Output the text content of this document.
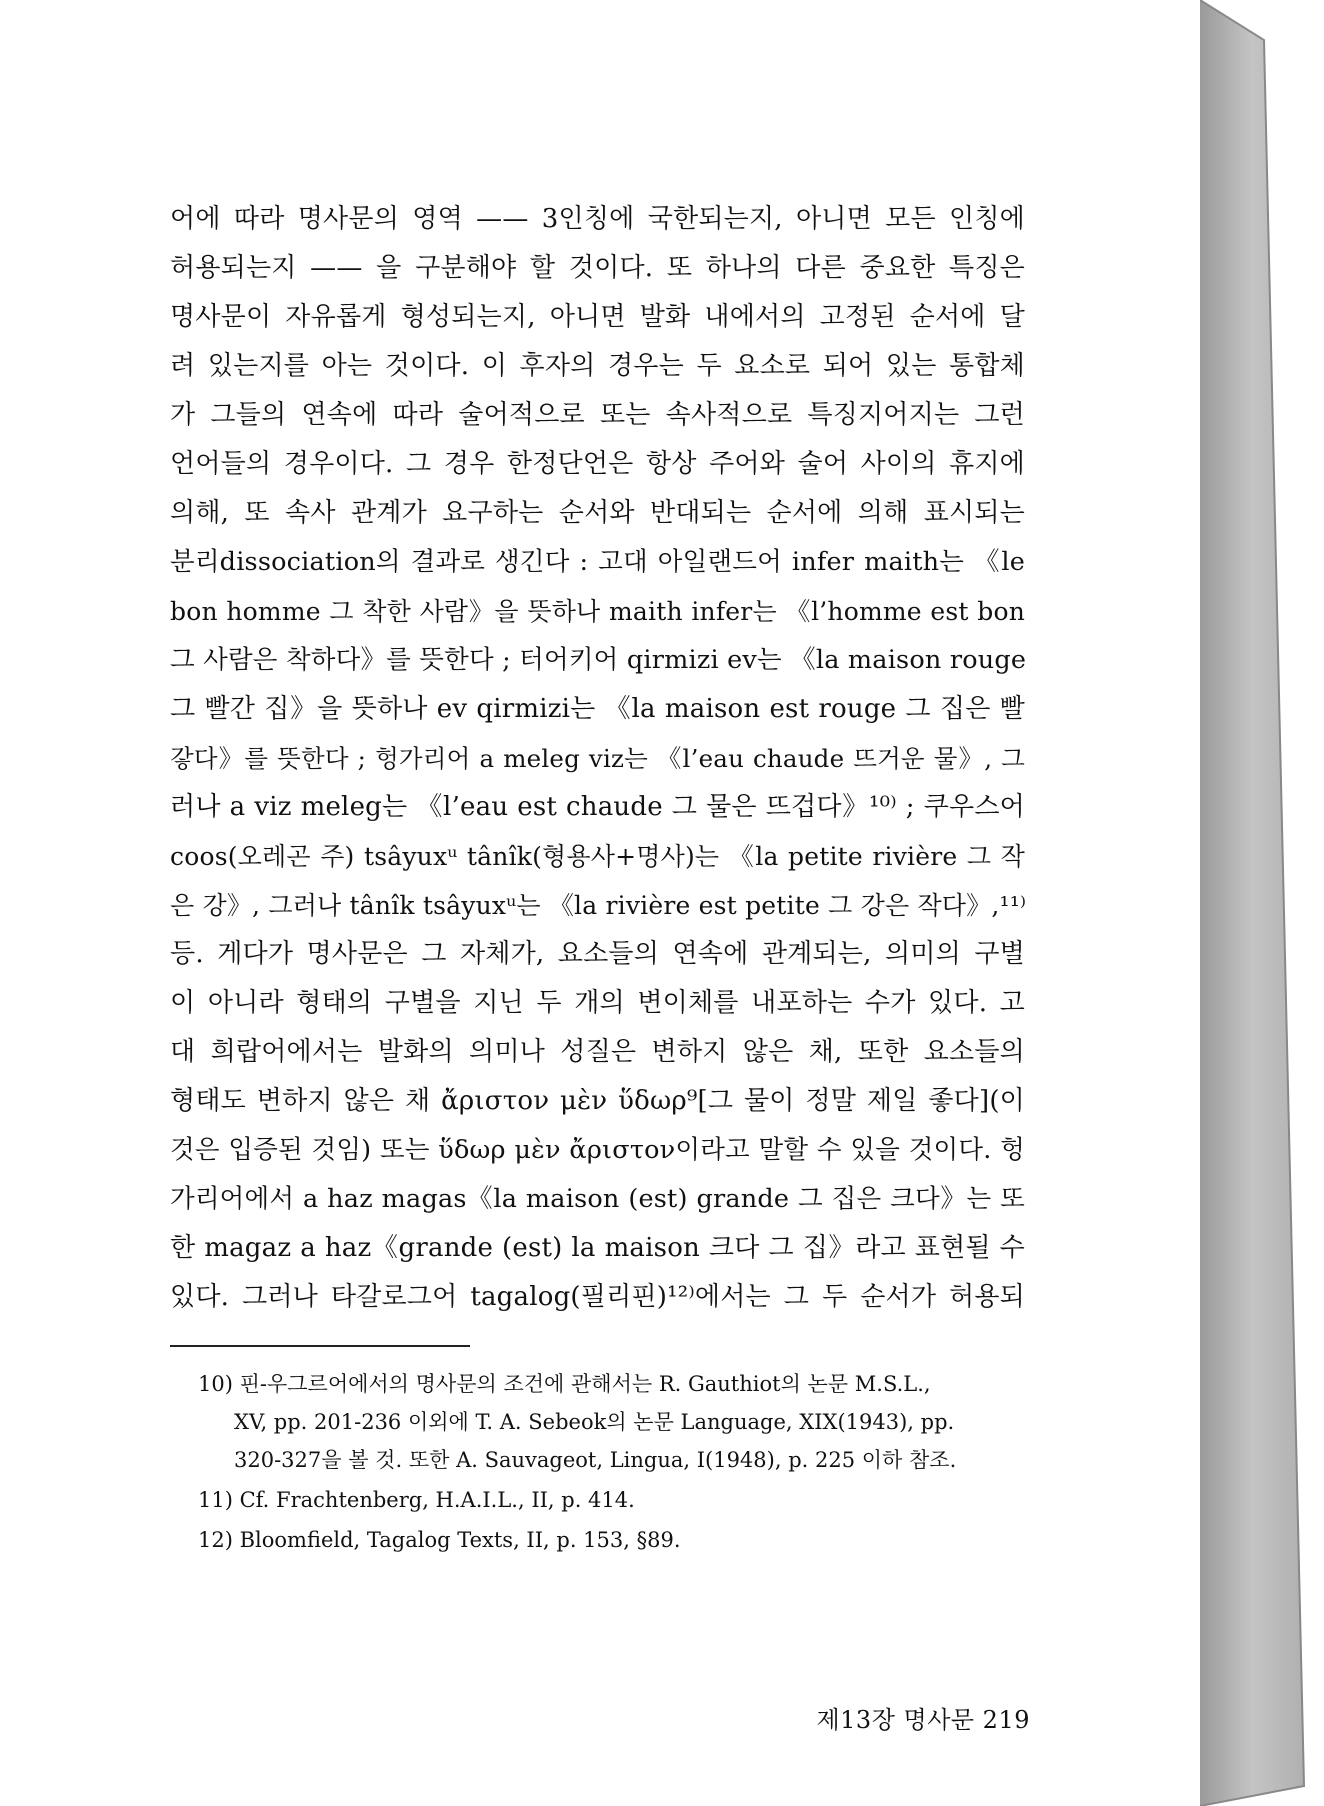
어에 따라 명사문의 영역 —— 3인칭에 국한되는지, 아니면 모든 인칭에
허용되는지 —— 을 구분해야 할 것이다. 또 하나의 다른 중요한 특징은
명사문이 자유롭게 형성되는지, 아니면 발화 내에서의 고정된 순서에 달
려 있는지를 아는 것이다. 이 후자의 경우는 두 요소로 되어 있는 통합체
가 그들의 연속에 따라 술어적으로 또는 속사적으로 특징지어지는 그런
언어들의 경우이다. 그 경우 한정단언은 항상 주어와 술어 사이의 휴지에
의해, 또 속사 관계가 요구하는 순서와 반대되는 순서에 의해 표시되는
분리dissociation의 결과로 생긴다 : 고대 아일랜드어 infer maith는 《le
bon homme 그 착한 사람》을 뜻하나 maith infer는 《l’homme est bon
그 사람은 착하다》를 뜻한다 ; 터어키어 qirmizi ev는 《la maison rouge
그 빨간 집》을 뜻하나 ev qirmizi는 《la maison est rouge 그 집은 빨
갛다》를 뜻한다 ; 헝가리어 a meleg viz는 《l’eau chaude 뜨거운 물》, 그
러나 a viz meleg는 《l’eau est chaude 그 물은 뜨겁다》¹⁰⁾ ; 쿠우스어
coos(오레곤 주) tsâyuxᵘ tânîk(형용사+명사)는 《la petite rivière 그 작
은 강》, 그러나 tânîk tsâyuxᵘ는 《la rivière est petite 그 강은 작다》,¹¹⁾
등. 게다가 명사문은 그 자체가, 요소들의 연속에 관계되는, 의미의 구별
이 아니라 형태의 구별을 지닌 두 개의 변이체를 내포하는 수가 있다. 고
대 희랍어에서는 발화의 의미나 성질은 변하지 않은 채, 또한 요소들의
형태도 변하지 않은 채 ἄριστον μὲν ὕδωρ⁹[그 물이 정말 제일 좋다](이
것은 입증된 것임) 또는 ὕδωρ μὲν ἄριστον이라고 말할 수 있을 것이다. 헝
가리어에서 a haz magas《la maison (est) grande 그 집은 크다》는 또
한 magaz a haz《grande (est) la maison 크다 그 집》라고 표현될 수
있다. 그러나 타갈로그어 tagalog(필리핀)¹²⁾에서는 그 두 순서가 허용되
10) 핀-우그르어에서의 명사문의 조건에 관해서는 R. Gauthiot의 논문 M.S.L.,
XV, pp. 201-236 이외에 T. A. Sebeok의 논문 Language, XIX(1943), pp.
320-327을 볼 것. 또한 A. Sauvageot, Lingua, I(1948), p. 225 이하 참조.
11) Cf. Frachtenberg, H.A.I.L., II, p. 414.
12) Bloomfield, Tagalog Texts, II, p. 153, §89.
제13장 명사문 219
